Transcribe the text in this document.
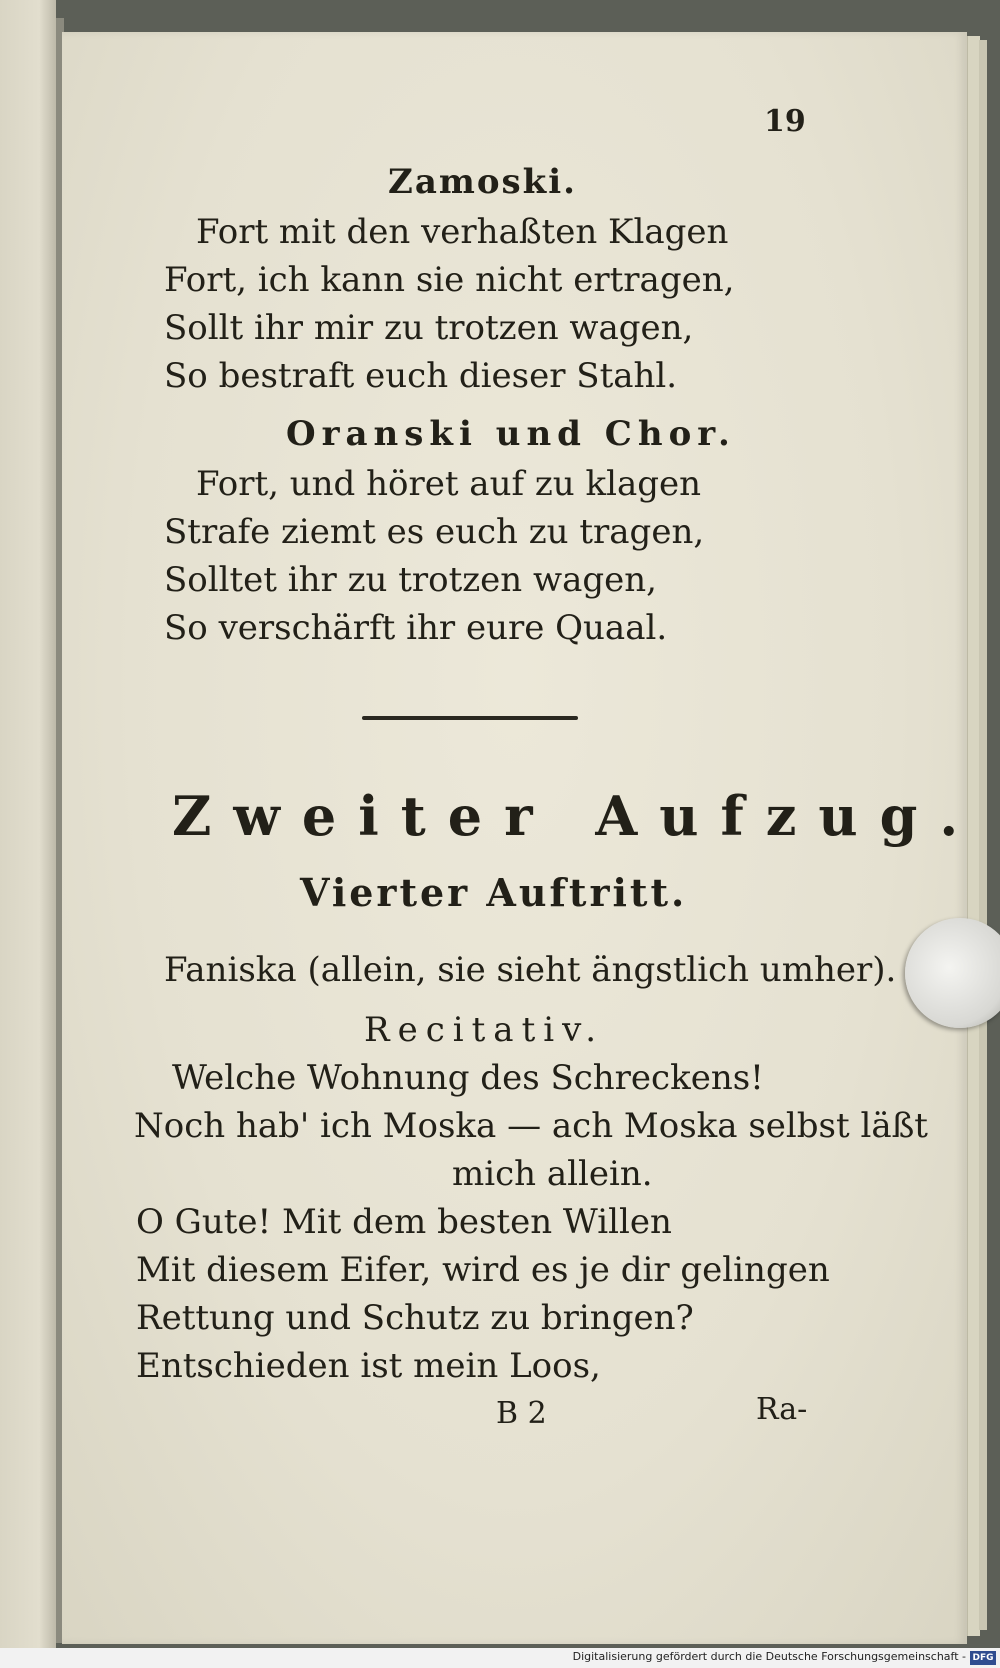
19
Zamoski.
Fort mit den verhaßten Klagen
Fort, ich kann sie nicht ertragen,
Sollt ihr mir zu trotzen wagen,
So bestraft euch dieser Stahl.
Oranski und Chor.
Fort, und höret auf zu klagen
Strafe ziemt es euch zu tragen,
Solltet ihr zu trotzen wagen,
So verschärft ihr eure Quaal.
Zweiter Aufzug.
Vierter Auftritt.
Faniska (allein, sie sieht ängstlich umher).
Recitativ.
Welche Wohnung des Schreckens!
Noch hab' ich Moska — ach Moska selbst läßt
mich allein.
O Gute! Mit dem besten Willen
Mit diesem Eifer, wird es je dir gelingen
Rettung und Schutz zu bringen?
Entschieden ist mein Loos,
B 2	Ra-
Digitalisierung gefördert durch die Deutsche Forschungsgemeinschaft - DFG
